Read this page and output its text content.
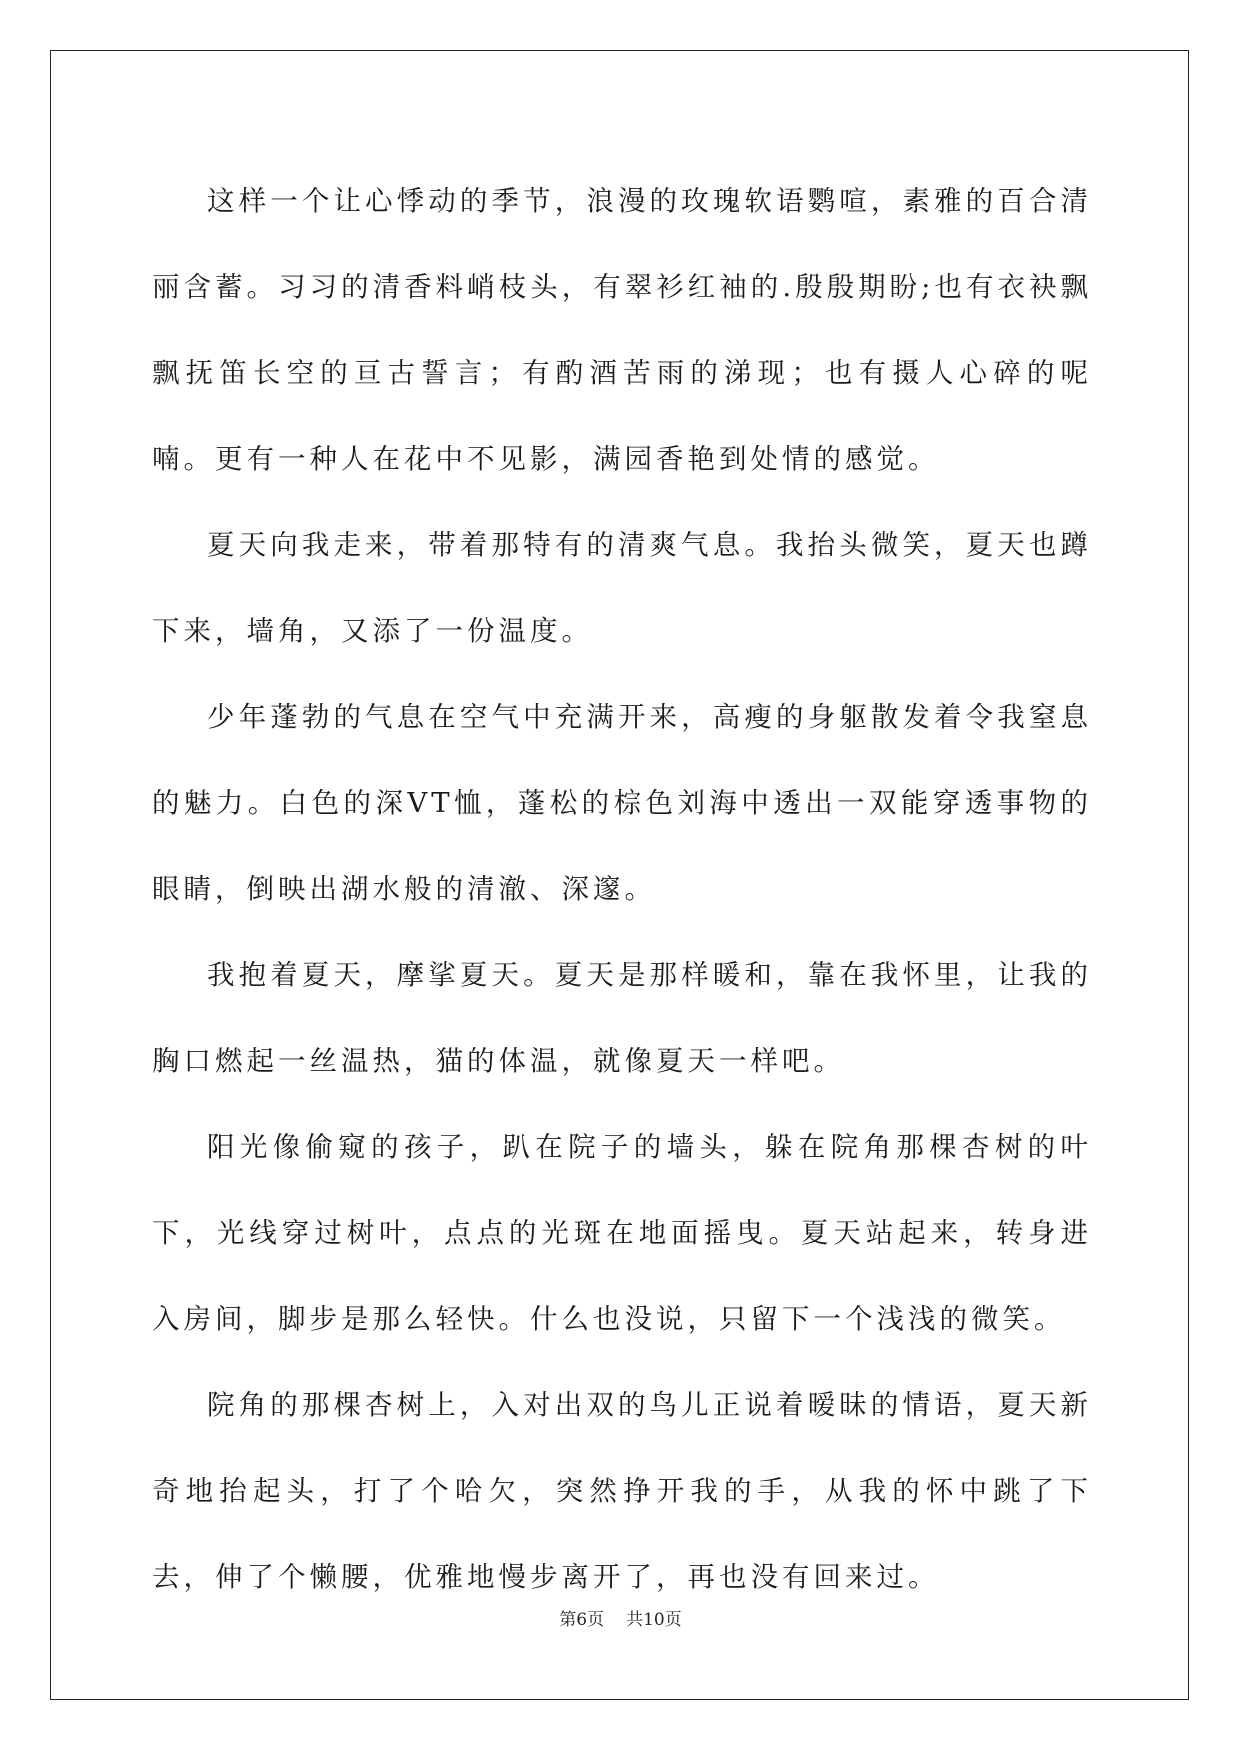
这样一个让心悸动的季节，浪漫的玫瑰软语鹦喧，素雅的百合清丽含蓄。习习的清香料峭枝头，有翠衫红袖的.殷殷期盼;也有衣袂飘飘抚笛长空的亘古誓言；有酌酒苦雨的涕现；也有摄人心碎的呢喃。更有一种人在花中不见影，满园香艳到处情的感觉。

夏天向我走来，带着那特有的清爽气息。我抬头微笑，夏天也蹲下来，墙角，又添了一份温度。

少年蓬勃的气息在空气中充满开来，高瘦的身躯散发着令我窒息的魅力。白色的深VT恤，蓬松的棕色刘海中透出一双能穿透事物的眼睛，倒映出湖水般的清澈、深邃。

我抱着夏天，摩挲夏天。夏天是那样暖和，靠在我怀里，让我的胸口燃起一丝温热，猫的体温，就像夏天一样吧。

阳光像偷窥的孩子，趴在院子的墙头，躲在院角那棵杏树的叶下，光线穿过树叶，点点的光斑在地面摇曳。夏天站起来，转身进入房间，脚步是那么轻快。什么也没说，只留下一个浅浅的微笑。

院角的那棵杏树上，入对出双的鸟儿正说着暧昧的情语，夏天新奇地抬起头，打了个哈欠，突然挣开我的手，从我的怀中跳了下去，伸了个懒腰，优雅地慢步离开了，再也没有回来过。

第6页 共10页
